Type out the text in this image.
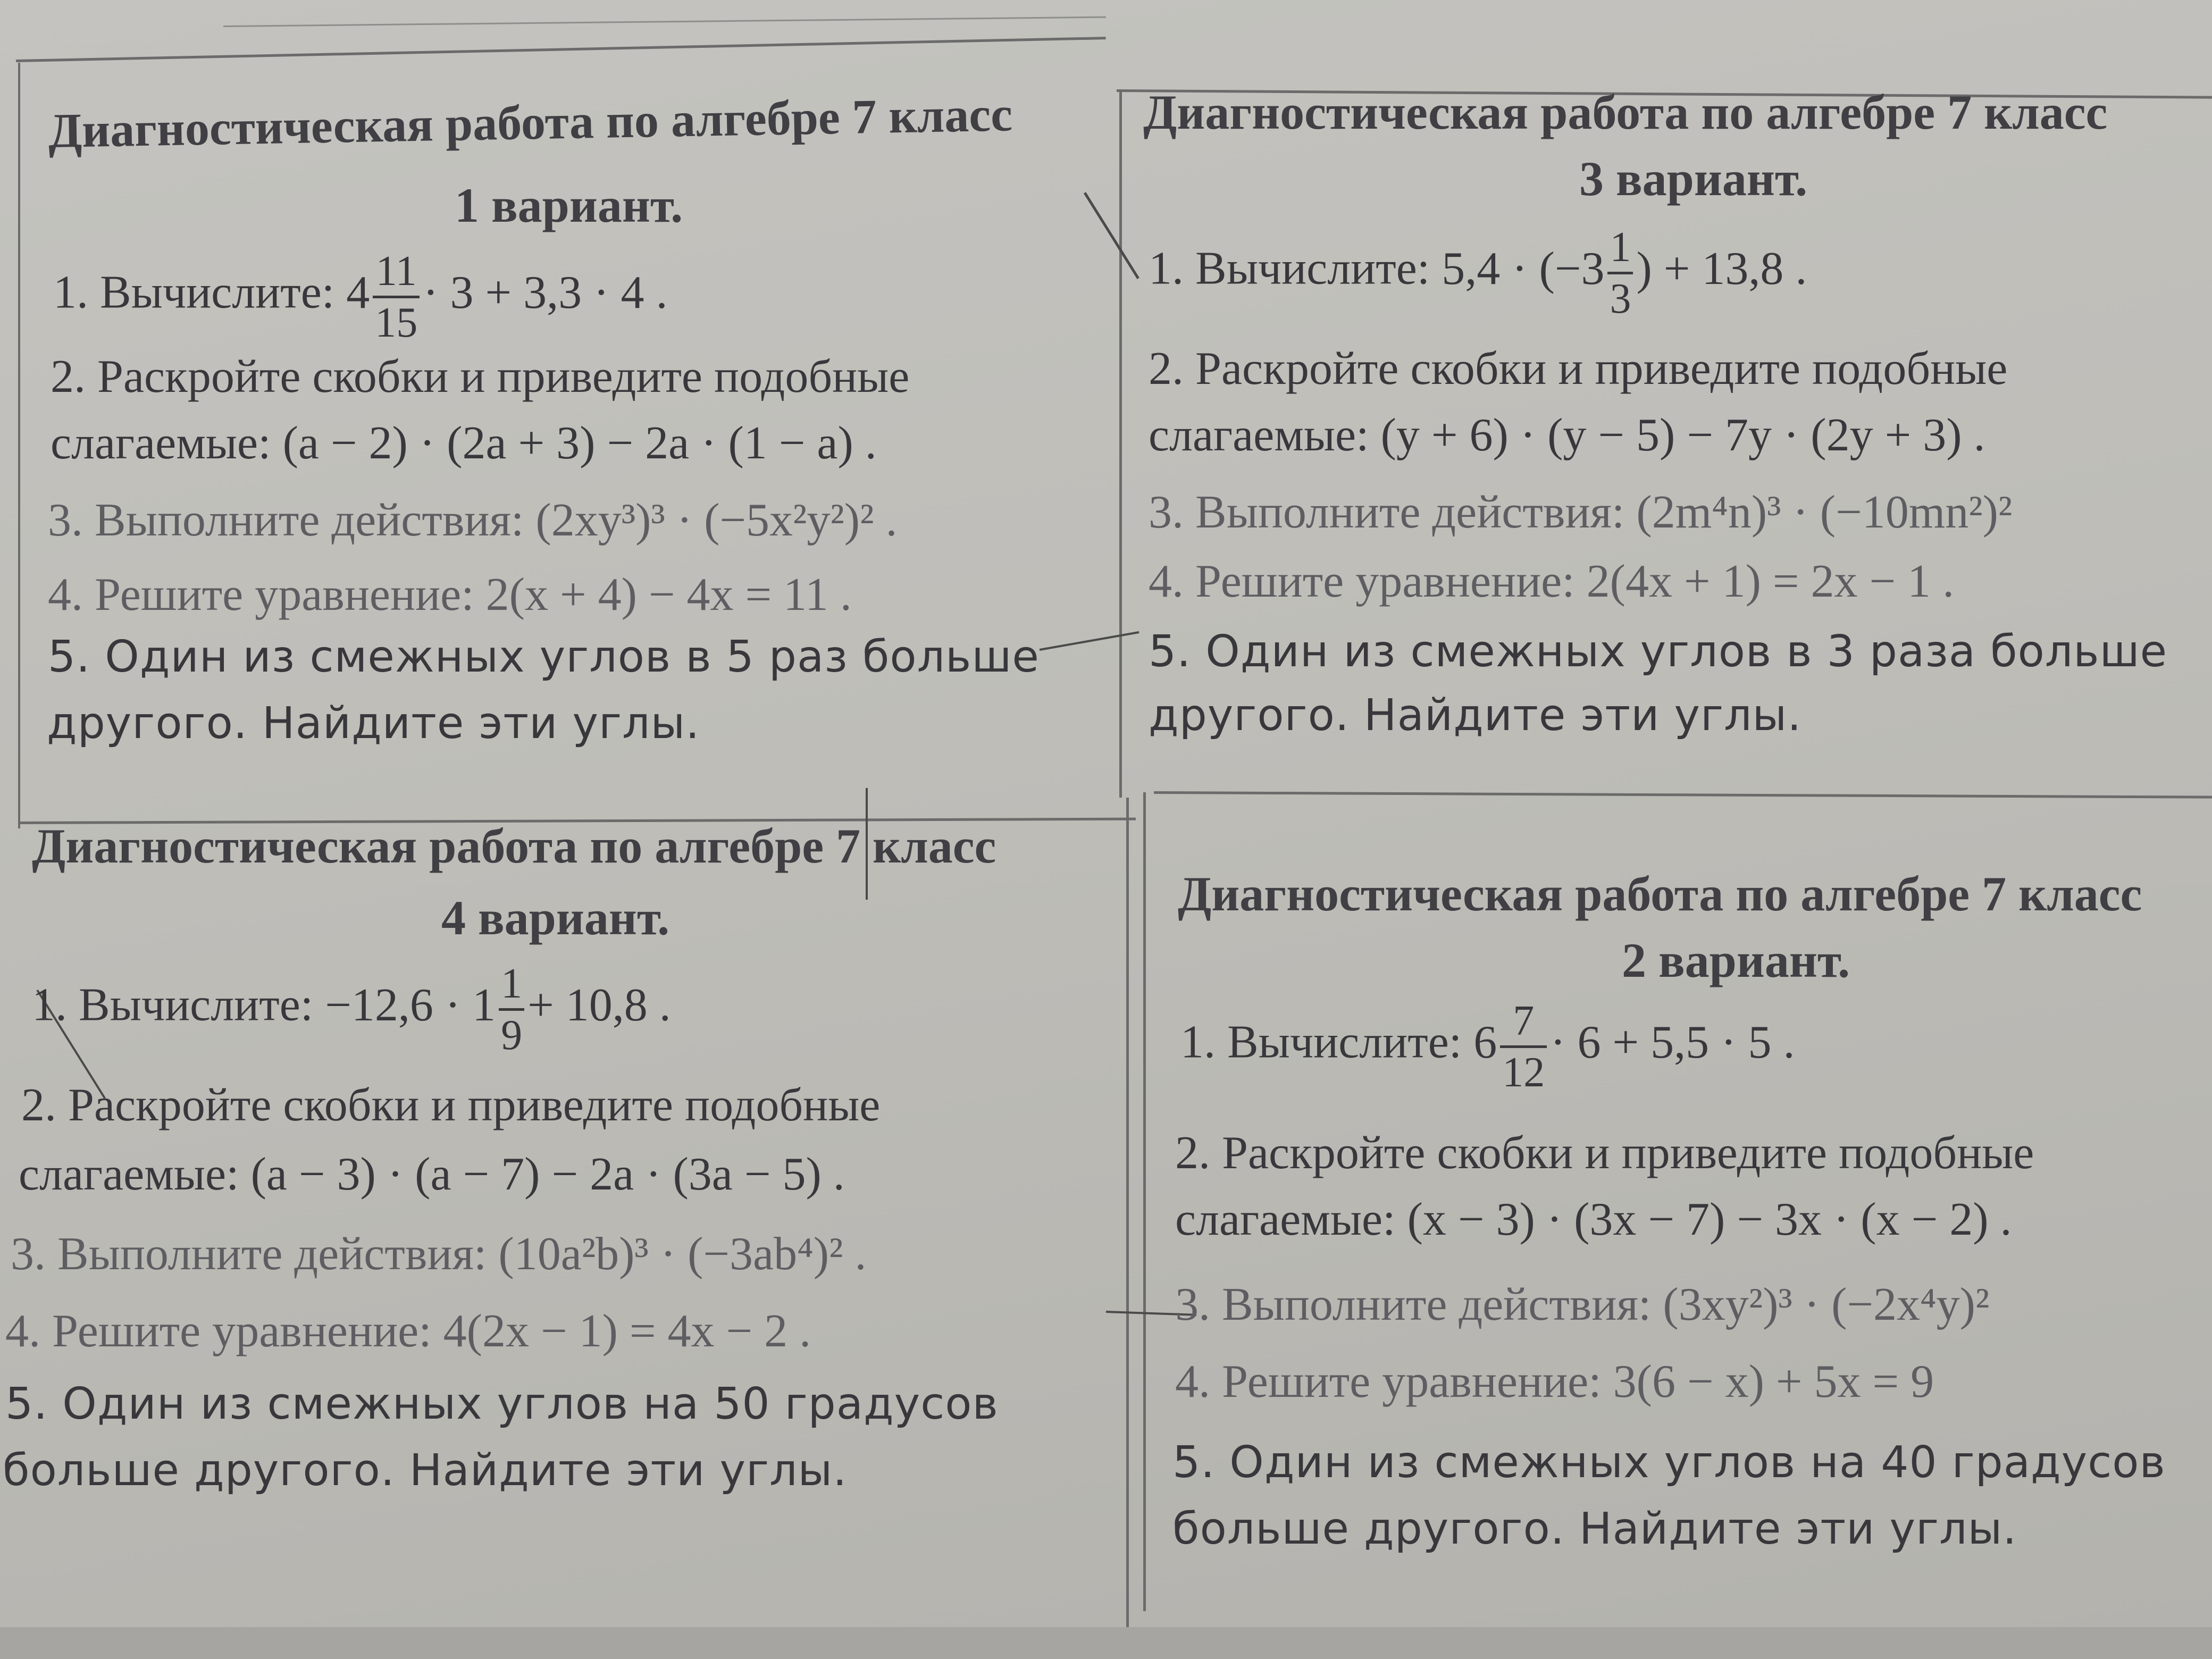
Диагностическая работа по алгебре 7 класс
1 вариант.
1. Вычислите: $4 \frac{11}{15} \cdot 3 + 3,3 \cdot 4$ .
2. Раскройте скобки и приведите подобные
слагаемые: (a − 2) · (2a + 3) − 2a · (1 − a) .
3. Выполните действия: (2xy³)³ · (−5x²y²)² .
4. Решите уравнение: 2(x + 4) − 4x = 11 .
5. Один из смежных углов в 5 раз больше
другого. Найдите эти углы.
Диагностическая работа по алгебре 7 класс
3 вариант.
1. Вычислите: $5,4 \cdot (-3 \frac{1}{3}$ ) + 13,8 .
2. Раскройте скобки и приведите подобные
слагаемые: (y + 6) · (y − 5) − 7y · (2y + 3) .
3. Выполните действия: (2m⁴n)³ · (−10mn²)²
4. Решите уравнение: 2(4x + 1) = 2x − 1 .
5. Один из смежных углов в 3 раза больше
другого. Найдите эти углы.
Диагностическая работа по алгебре 7 класс
4 вариант.
1. Вычислите: $-12,6 \cdot 1 \frac{1}{9} + 10,8$ .
2. Раскройте скобки и приведите подобные
слагаемые: (a − 3) · (a − 7) − 2a · (3a − 5) .
3. Выполните действия: (10a²b)³ · (−3ab⁴)² .
4. Решите уравнение: 4(2x − 1) = 4x − 2 .
5. Один из смежных углов на 50 градусов
больше другого. Найдите эти углы.
Диагностическая работа по алгебре 7 класс
2 вариант.
1. Вычислите: $6 \frac{7}{12} \cdot 6 + 5,5 \cdot 5$ .
2. Раскройте скобки и приведите подобные
слагаемые: (x − 3) · (3x − 7) − 3x · (x − 2) .
3. Выполните действия: (3xy²)³ · (−2x⁴y)²
4. Решите уравнение: 3(6 − x) + 5x = 9
5. Один из смежных углов на 40 градусов
больше другого. Найдите эти углы.
